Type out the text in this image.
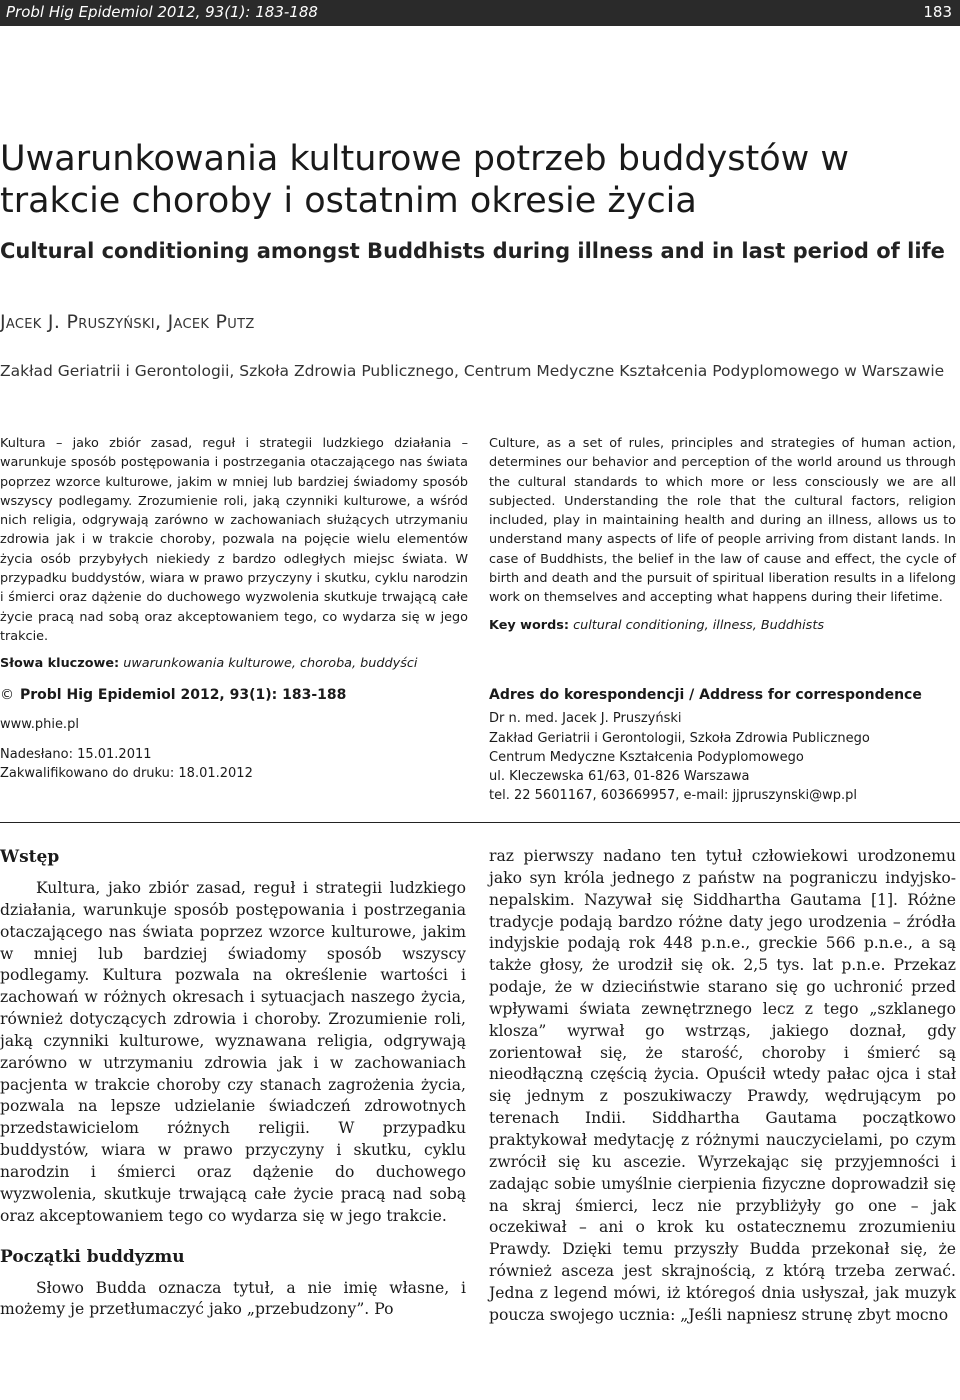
Probl Hig Epidemiol 2012, 93(1): 183-188	183
Uwarunkowania kulturowe potrzeb buddystów w trakcie choroby i ostatnim okresie życia
Cultural conditioning amongst Buddhists during illness and in last period of life
Jacek J. Pruszyński, Jacek Putz
Zakład Geriatrii i Gerontologii, Szkoła Zdrowia Publicznego, Centrum Medyczne Kształcenia Podyplomowego w Warszawie

Kultura – jako zbiór zasad, reguł i strategii ludzkiego działania – warunkuje sposób postępowania i postrzegania otaczającego nas świata poprzez wzorce kulturowe, jakim w mniej lub bardziej świadomy sposób wszyscy podlegamy. Zrozumienie roli, jaką czynniki kulturowe, a wśród nich religia, odgrywają zarówno w zachowaniach służących utrzymaniu zdrowia jak i w trakcie choroby, pozwala na pojęcie wielu elementów życia osób przybyłych niekiedy z bardzo odległych miejsc świata. W przypadku buddystów, wiara w prawo przyczyny i skutku, cyklu narodzin i śmierci oraz dążenie do duchowego wyzwolenia skutkuje trwającą całe życie pracą nad sobą oraz akceptowaniem tego, co wydarza się w jego trakcie.

Słowa kluczowe: uwarunkowania kulturowe, choroba, buddyści

Culture, as a set of rules, principles and strategies of human action, determines our behavior and perception of the world around us through the cultural standards to which more or less consciously we are all subjected. Understanding the role that the cultural factors, religion included, play in maintaining health and during an illness, allows us to understand many aspects of life of people arriving from distant lands. In case of Buddhists, the belief in the law of cause and effect, the cycle of birth and death and the pursuit of spiritual liberation results in a lifelong work on themselves and accepting what happens during their lifetime.

Key words: cultural conditioning, illness, Buddhists

© Probl Hig Epidemiol 2012, 93(1): 183-188
www.phie.pl
Nadesłano: 15.01.2011
Zakwalifikowano do druku: 18.01.2012
Adres do korespondencji / Address for correspondence
Dr n. med. Jacek J. Pruszyński
Zakład Geriatrii i Gerontologii, Szkoła Zdrowia Publicznego
Centrum Medyczne Kształcenia Podyplomowego
ul. Kleczewska 61/63, 01-826 Warszawa
tel. 22 5601167, 603669957, e-mail: jjpruszynski@wp.pl
Wstęp

Kultura, jako zbiór zasad, reguł i strategii ludzkiego działania, warunkuje sposób postępowania i postrzegania otaczającego nas świata poprzez wzorce kulturowe, jakim w mniej lub bardziej świadomy sposób wszyscy podlegamy. Kultura pozwala na określenie wartości i zachowań w różnych okresach i sytuacjach naszego życia, również dotyczących zdrowia i choroby. Zrozumienie roli, jaką czynniki kulturowe, wyznawana religia, odgrywają zarówno w utrzymaniu zdrowia jak i w zachowaniach pacjenta w trakcie choroby czy stanach zagrożenia życia, pozwala na lepsze udzielanie świadczeń zdrowotnych przedstawicielom różnych religii. W przypadku buddystów, wiara w prawo przyczyny i skutku, cyklu narodzin i śmierci oraz dążenie do duchowego wyzwolenia, skutkuje trwającą całe życie pracą nad sobą oraz akceptowaniem tego co wydarza się w jego trakcie.

Początki buddyzmu

Słowo Budda oznacza tytuł, a nie imię własne, i możemy je przetłumaczyć jako „przebudzony”. Po

raz pierwszy nadano ten tytuł człowiekowi urodzonemu jako syn króla jednego z państw na pograniczu indyjsko-nepalskim. Nazywał się Siddhartha Gautama [1]. Różne tradycje podają bardzo różne daty jego urodzenia – źródła indyjskie podają rok 448 p.n.e., greckie 566 p.n.e., a są także głosy, że urodził się ok. 2,5 tys. lat p.n.e. Przekaz podaje, że w dzieciństwie starano się go uchronić przed wpływami świata zewnętrznego lecz z tego „szklanego klosza” wyrwał go wstrząs, jakiego doznał, gdy zorientował się, że starość, choroby i śmierć są nieodłączną częścią życia. Opuścił wtedy pałac ojca i stał się jednym z poszukiwaczy Prawdy, wędrującym po terenach Indii. Siddhartha Gautama początkowo praktykował medytację z różnymi nauczycielami, po czym zwrócił się ku ascezie. Wyrzekając się przyjemności i zadając sobie umyślnie cierpienia fizyczne doprowadził się na skraj śmierci, lecz nie przybliżyły go one – jak oczekiwał – ani o krok ku ostatecznemu zrozumieniu Prawdy. Dzięki temu przyszły Budda przekonał się, że również asceza jest skrajnością, z którą trzeba zerwać. Jedna z legend mówi, iż któregoś dnia usłyszał, jak muzyk poucza swojego ucznia: „Jeśli napniesz strunę zbyt mocno
